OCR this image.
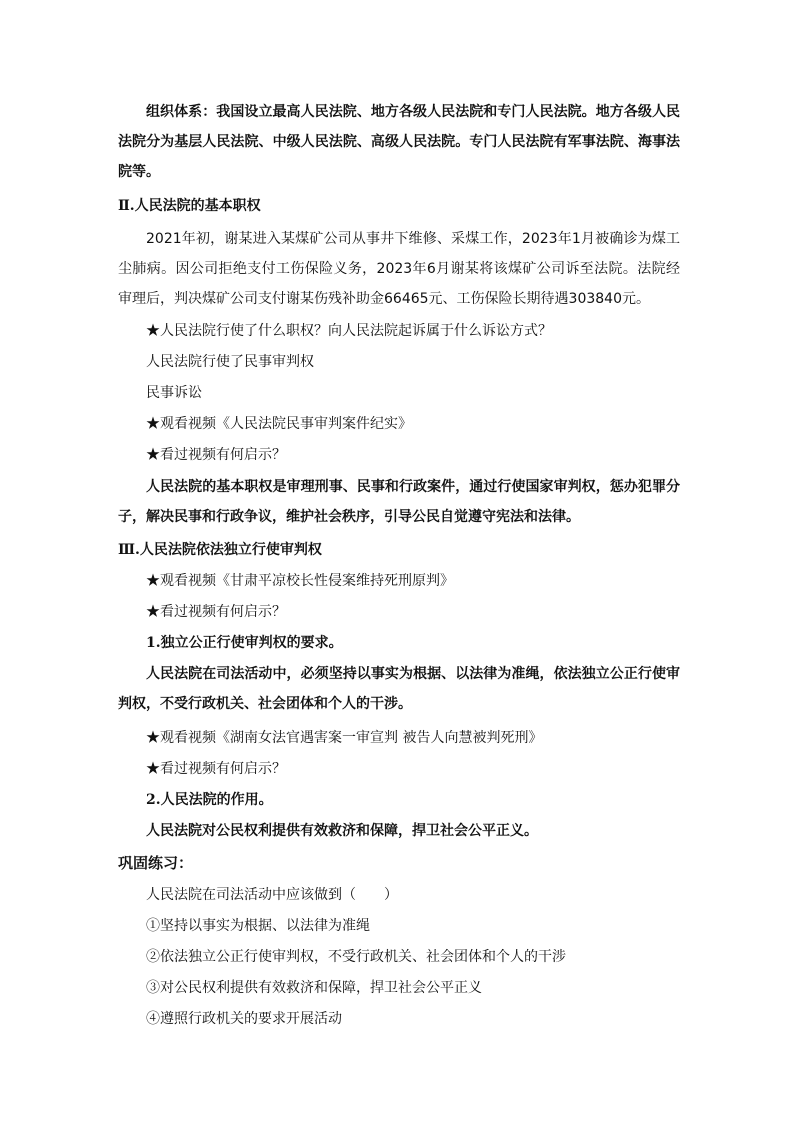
组织体系：我国设立最高人民法院、地方各级人民法院和专门人民法院。地方各级人民法院分为基层人民法院、中级人民法院、高级人民法院。专门人民法院有军事法院、海事法院等。

Ⅱ.人民法院的基本职权

2021年初，谢某进入某煤矿公司从事井下维修、采煤工作，2023年1月被确诊为煤工尘肺病。因公司拒绝支付工伤保险义务，2023年6月谢某将该煤矿公司诉至法院。法院经审理后，判决煤矿公司支付谢某伤残补助金66465元、工伤保险长期待遇303840元。

★人民法院行使了什么职权？向人民法院起诉属于什么诉讼方式？

人民法院行使了民事审判权

民事诉讼

★观看视频《人民法院民事审判案件纪实》

★看过视频有何启示？

人民法院的基本职权是审理刑事、民事和行政案件，通过行使国家审判权，惩办犯罪分子，解决民事和行政争议，维护社会秩序，引导公民自觉遵守宪法和法律。

Ⅲ.人民法院依法独立行使审判权

★观看视频《甘肃平凉校长性侵案维持死刑原判》

★看过视频有何启示？

1.独立公正行使审判权的要求。

人民法院在司法活动中，必须坚持以事实为根据、以法律为准绳，依法独立公正行使审判权，不受行政机关、社会团体和个人的干涉。

★观看视频《湖南女法官遇害案一审宣判 被告人向慧被判死刑》

★看过视频有何启示？

2.人民法院的作用。

人民法院对公民权利提供有效救济和保障，捍卫社会公平正义。

巩固练习：

人民法院在司法活动中应该做到（　　）

①坚持以事实为根据、以法律为准绳

②依法独立公正行使审判权，不受行政机关、社会团体和个人的干涉

③对公民权利提供有效救济和保障，捍卫社会公平正义

④遵照行政机关的要求开展活动
